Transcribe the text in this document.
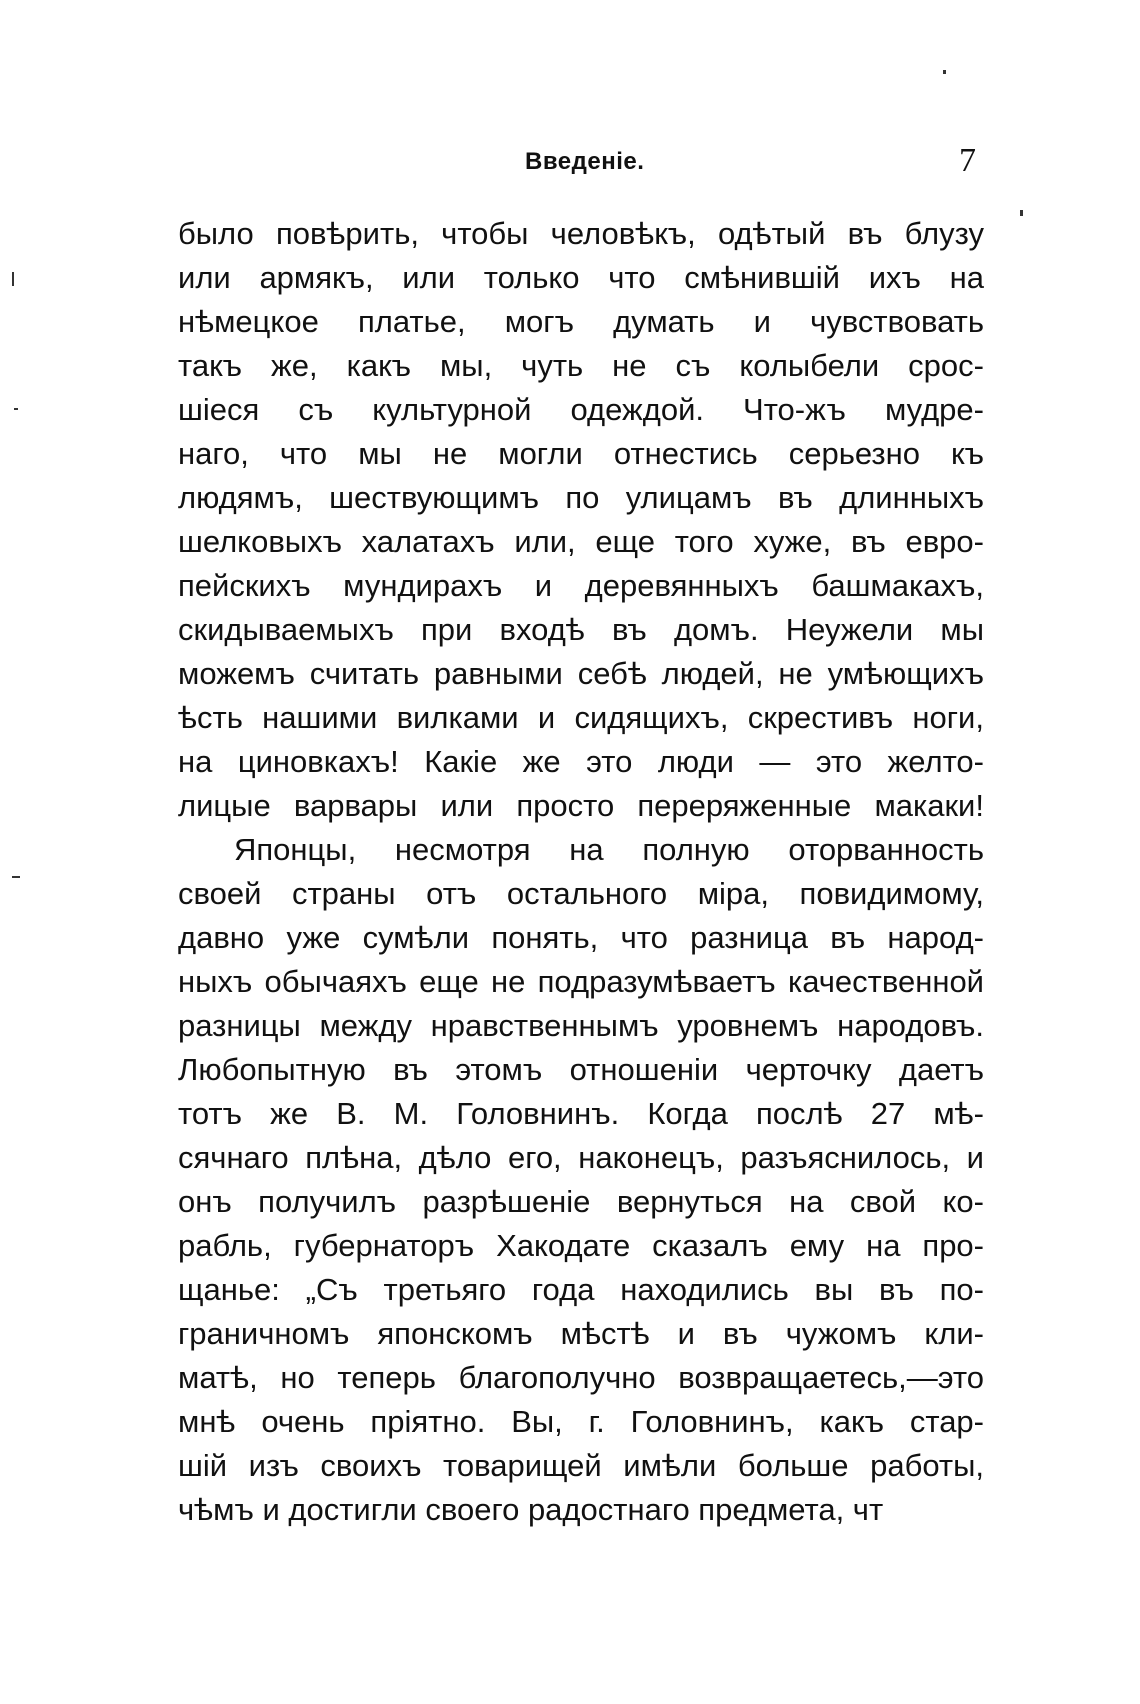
Введенiе.	7
было повѣрить, чтобы человѣкъ, одѣтый въ блузу
или армякъ, или только что смѣнившiй ихъ на
нѣмецкое платье, могъ думать и чувствовать
такъ же, какъ мы, чуть не съ колыбели срос-
шiеся съ культурной одеждой. Что-жъ мудре-
наго, что мы не могли отнестись серьезно къ
людямъ, шествующимъ по улицамъ въ длинныхъ
шелковыхъ халатахъ или, еще того хуже, въ евро-
пейскихъ мундирахъ и деревянныхъ башмакахъ,
скидываемыхъ при входѣ въ домъ. Неужели мы
можемъ считать равными себѣ людей, не умѣющихъ
ѣсть нашими вилками и сидящихъ, скрестивъ ноги,
на циновкахъ! Какiе же это люди — это желто-
лицые варвары или просто переряженные макаки!
Японцы, несмотря на полную оторванность
своей страны отъ остального мiра, повидимому,
давно уже сумѣли понять, что разница въ народ-
ныхъ обычаяхъ еще не подразумѣваетъ качественной
разницы между нравственнымъ уровнемъ народовъ.
Любопытную въ этомъ отношенiи черточку даетъ
тотъ же В. М. Головнинъ. Когда послѣ 27 мѣ-
сячнаго плѣна, дѣло его, наконецъ, разъяснилось, и
онъ получилъ разрѣшенiе вернуться на свой ко-
рабль, губернаторъ Хакодате сказалъ ему на про-
щанье: „Съ третьяго года находились вы въ по-
граничномъ японскомъ мѣстѣ и въ чужомъ кли-
матѣ, но теперь благополучно возвращаетесь,—это
мнѣ очень прiятно. Вы, г. Головнинъ, какъ стар-
шiй изъ своихъ товарищей имѣли больше работы,
чѣмъ и достигли своего радостнаго предмета, чт
